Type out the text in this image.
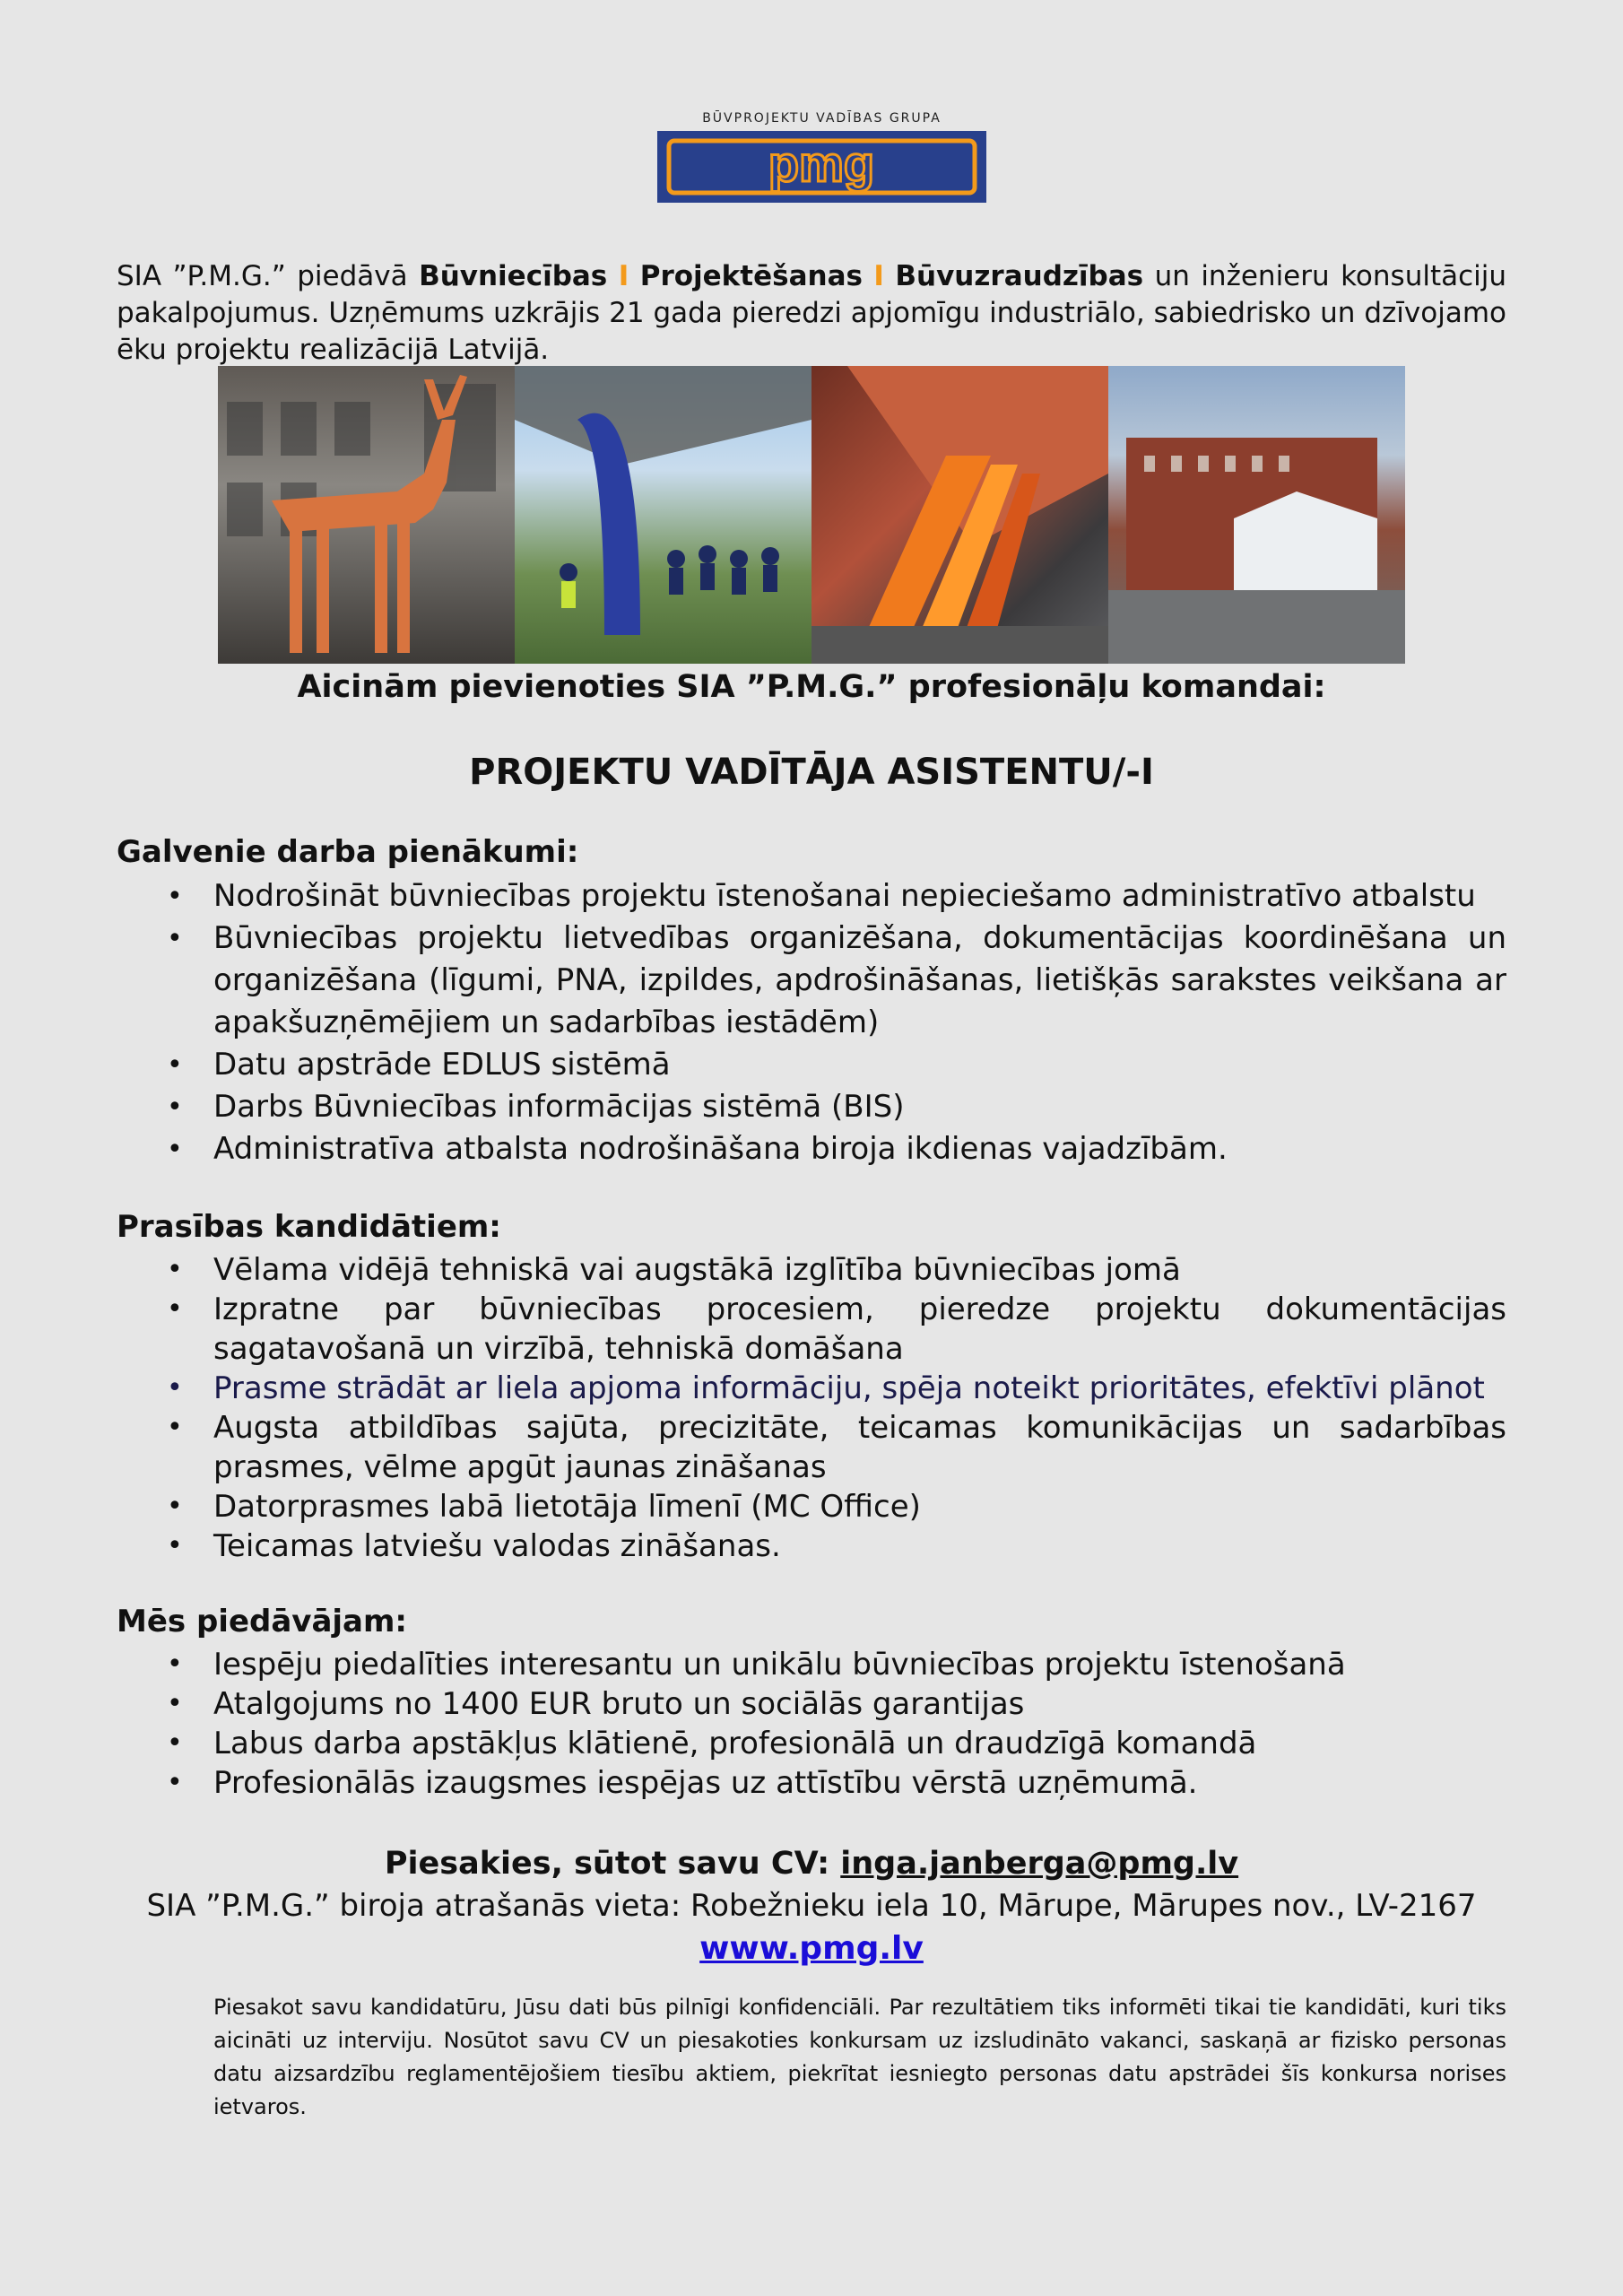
BŪVPROJEKTU VADĪBAS GRUPA
pmg
SIA ”P.M.G.” piedāvā Būvniecības I Projektēšanas I Būvuzraudzības un inženieru konsultāciju pakalpojumus. Uzņēmums uzkrājis 21 gada pieredzi apjomīgu industriālo, sabiedrisko un dzīvojamo ēku projektu realizācijā Latvijā.
Aicinām pievienoties SIA ”P.M.G.” profesionāļu komandai:
PROJEKTU VADĪTĀJA ASISTENTU/-I
Galvenie darba pienākumi:
• Nodrošināt būvniecības projektu īstenošanai nepieciešamo administratīvo atbalstu
• Būvniecības projektu lietvedības organizēšana, dokumentācijas koordinēšana un organizēšana (līgumi, PNA, izpildes, apdrošināšanas, lietišķās sarakstes veikšana ar apakšuzņēmējiem un sadarbības iestādēm)
• Datu apstrāde EDLUS sistēmā
• Darbs Būvniecības informācijas sistēmā (BIS)
• Administratīva atbalsta nodrošināšana biroja ikdienas vajadzībām.
Prasības kandidātiem:
• Vēlama vidējā tehniskā vai augstākā izglītība būvniecības jomā
• Izpratne par būvniecības procesiem, pieredze projektu dokumentācijas sagatavošanā un virzībā, tehniskā domāšana
• Prasme strādāt ar liela apjoma informāciju, spēja noteikt prioritātes, efektīvi plānot
• Augsta atbildības sajūta, precizitāte, teicamas komunikācijas un sadarbības prasmes, vēlme apgūt jaunas zināšanas
• Datorprasmes labā lietotāja līmenī (MC Office)
• Teicamas latviešu valodas zināšanas.
Mēs piedāvājam:
• Iespēju piedalīties interesantu un unikālu būvniecības projektu īstenošanā
• Atalgojums no 1400 EUR bruto un sociālās garantijas
• Labus darba apstākļus klātienē, profesionālā un draudzīgā komandā
• Profesionālās izaugsmes iespējas uz attīstību vērstā uzņēmumā.
Piesakies, sūtot savu CV: inga.janberga@pmg.lv
SIA ”P.M.G.” biroja atrašanās vieta: Robežnieku iela 10, Mārupe, Mārupes nov., LV-2167
www.pmg.lv
Piesakot savu kandidatūru, Jūsu dati būs pilnīgi konfidenciāli. Par rezultātiem tiks informēti tikai tie kandidāti, kuri tiks aicināti uz interviju. Nosūtot savu CV un piesakoties konkursam uz izsludināto vakanci, saskaņā ar fizisko personas datu aizsardzību reglamentējošiem tiesību aktiem, piekrītat iesniegto personas datu apstrādei šīs konkursa norises ietvaros.
